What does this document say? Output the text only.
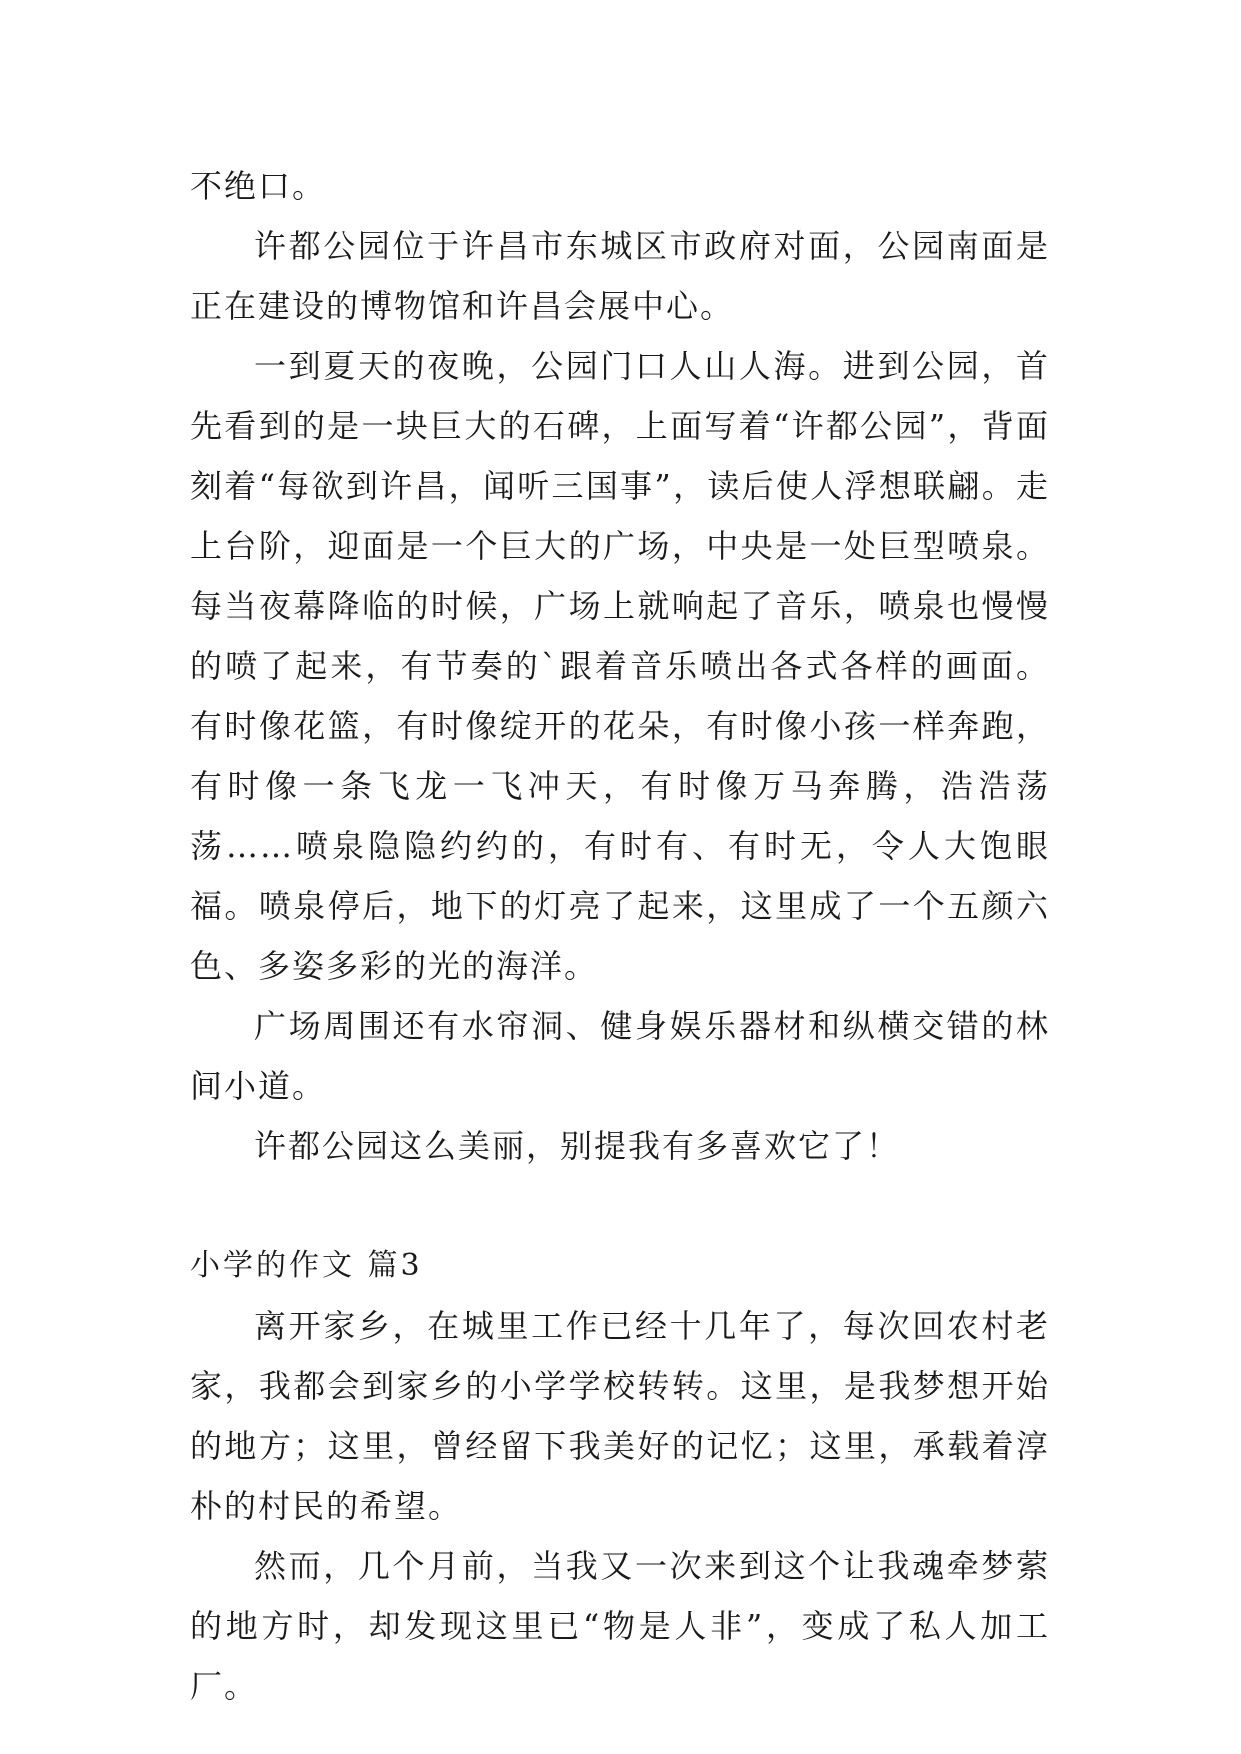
不绝口。

许都公园位于许昌市东城区市政府对面，公园南面是正在建设的博物馆和许昌会展中心。

一到夏天的夜晚，公园门口人山人海。进到公园，首先看到的是一块巨大的石碑，上面写着“许都公园”，背面刻着“每欲到许昌，闻听三国事”，读后使人浮想联翩。走上台阶，迎面是一个巨大的广场，中央是一处巨型喷泉。每当夜幕降临的时候，广场上就响起了音乐，喷泉也慢慢的喷了起来，有节奏的`跟着音乐喷出各式各样的画面。有时像花篮，有时像绽开的花朵，有时像小孩一样奔跑，有时像一条飞龙一飞冲天，有时像万马奔腾，浩浩荡荡……喷泉隐隐约约的，有时有、有时无，令人大饱眼福。喷泉停后，地下的灯亮了起来，这里成了一个五颜六色、多姿多彩的光的海洋。

广场周围还有水帘洞、健身娱乐器材和纵横交错的林间小道。

许都公园这么美丽，别提我有多喜欢它了！

小学的作文 篇3

离开家乡，在城里工作已经十几年了，每次回农村老家，我都会到家乡的小学学校转转。这里，是我梦想开始的地方；这里，曾经留下我美好的记忆；这里，承载着淳朴的村民的希望。

然而，几个月前，当我又一次来到这个让我魂牵梦萦的地方时，却发现这里已“物是人非”，变成了私人加工厂。
